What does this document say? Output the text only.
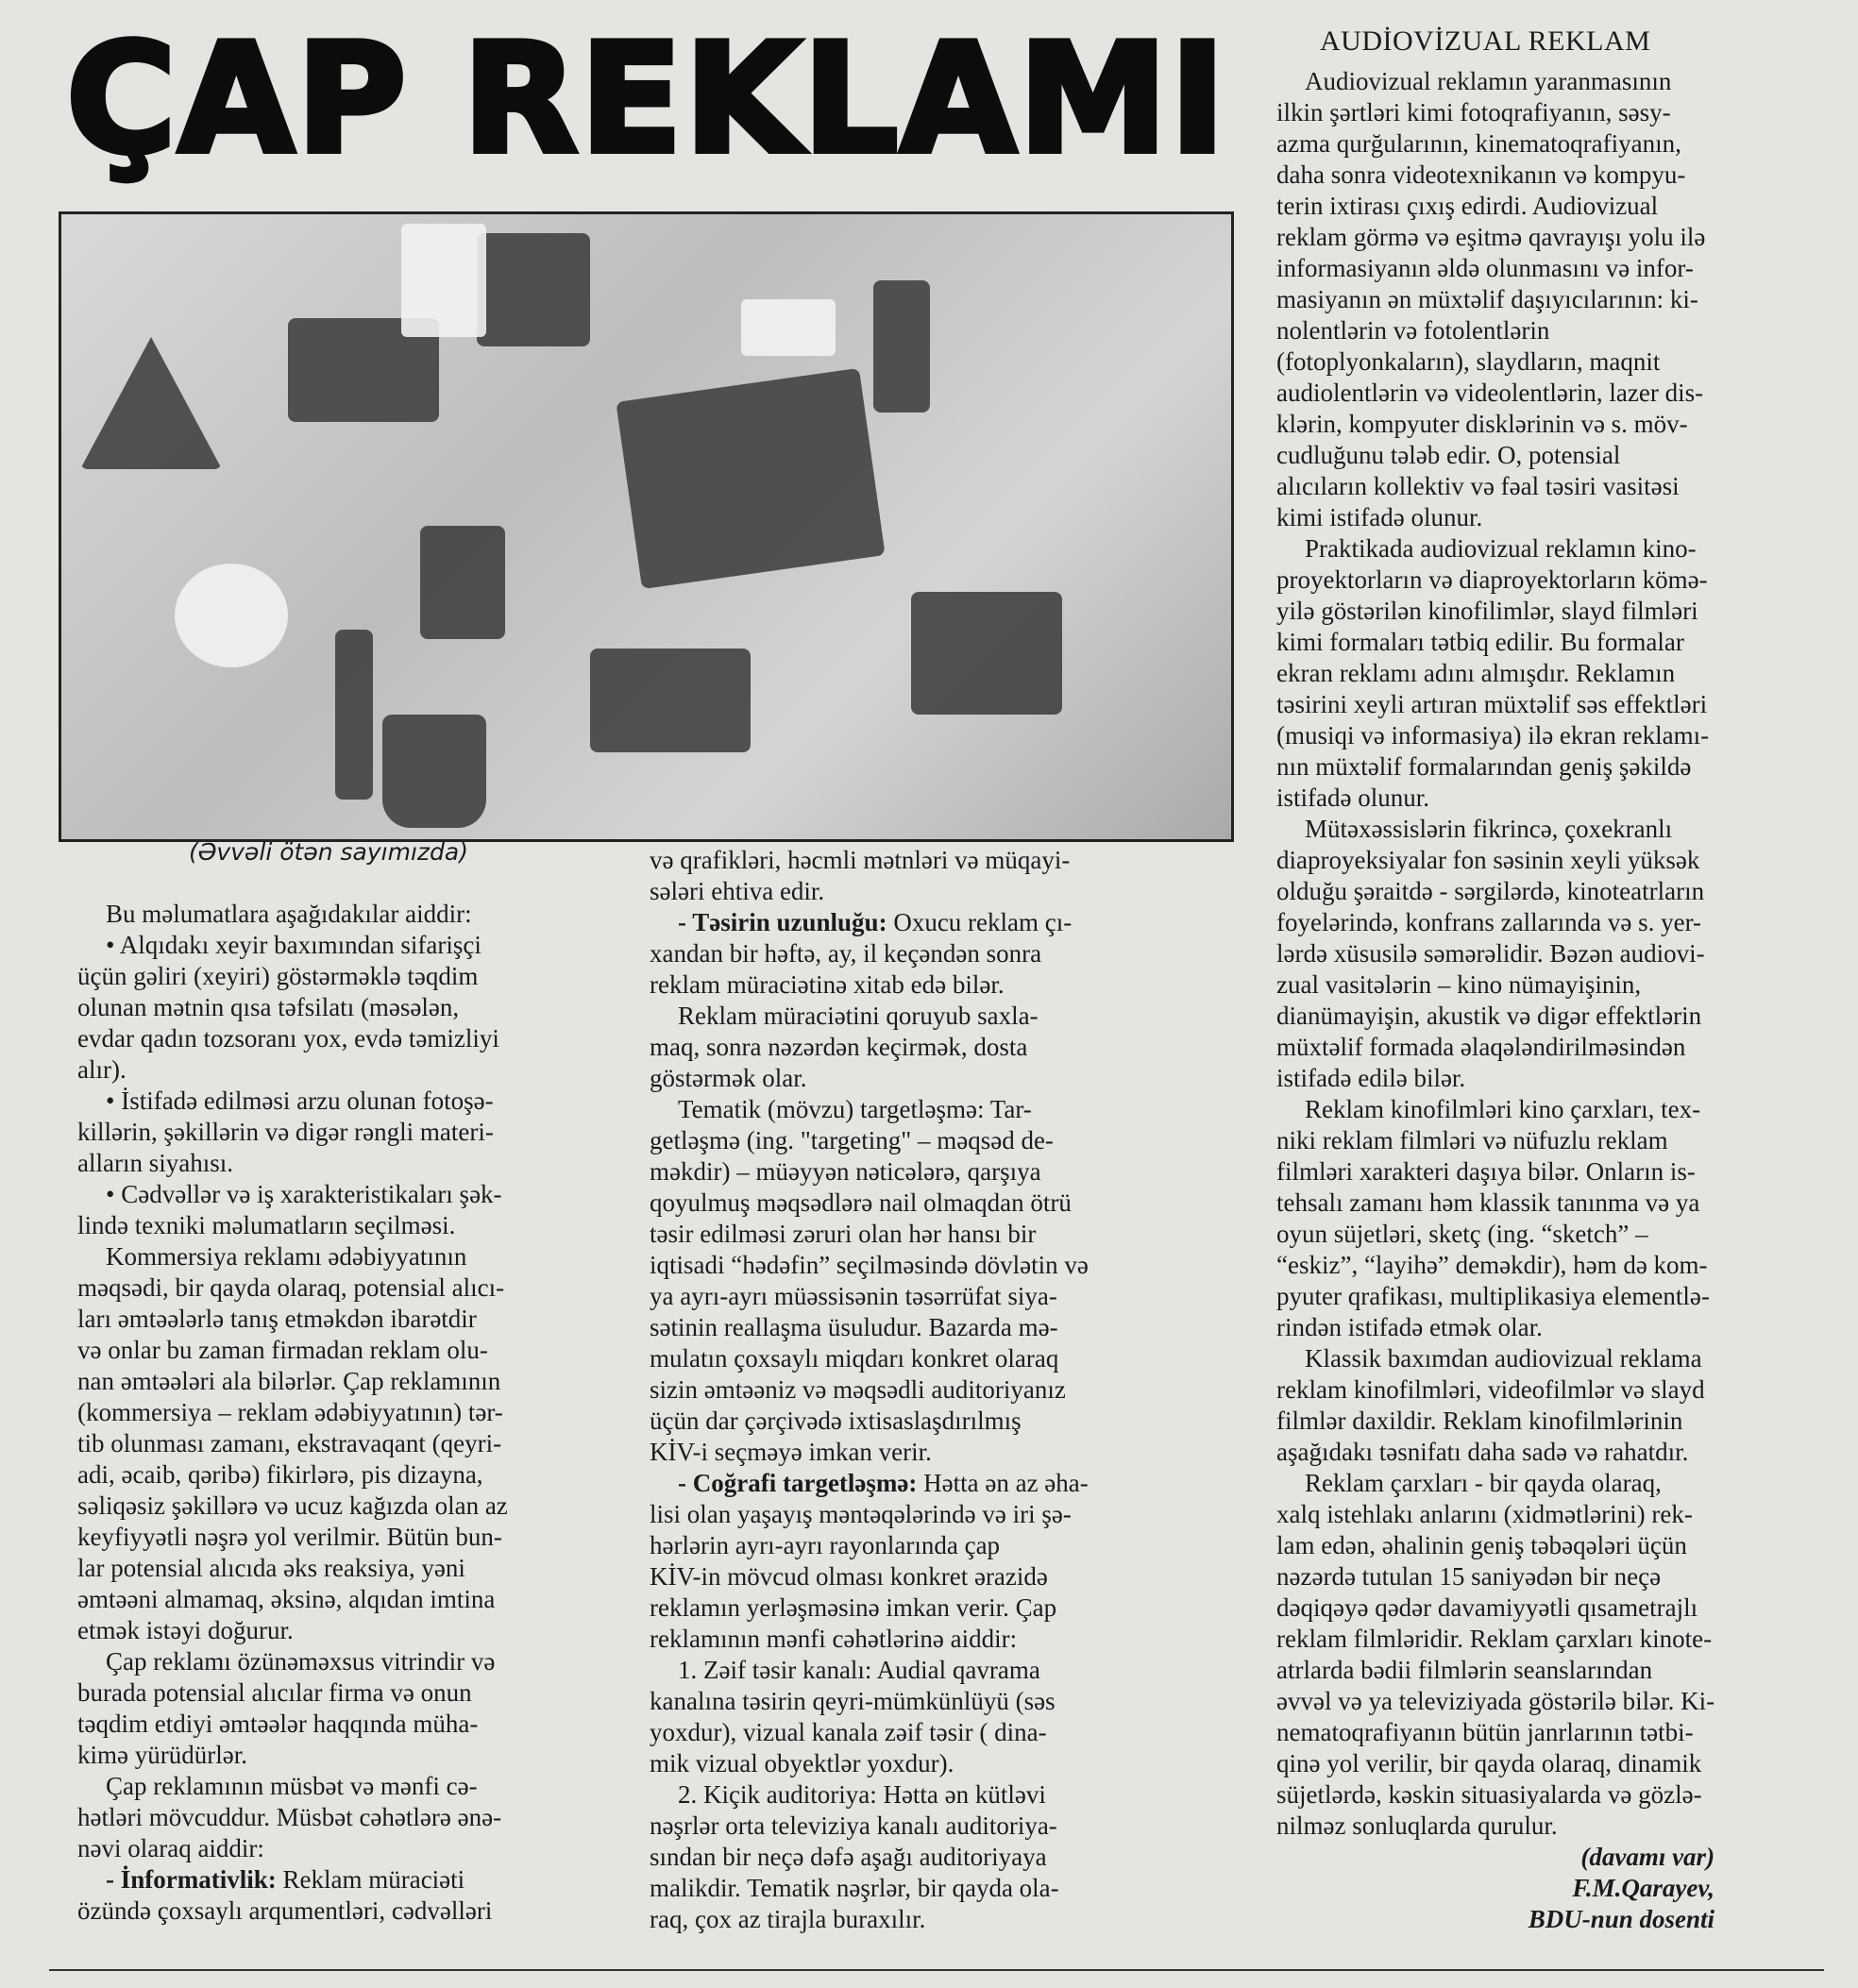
ÇAP REKLAMI
(Əvvəli ötən sayımızda)
Bu məlumatlara aşağıdakılar aiddir:
• Alqıdakı xeyir baxımından sifarişçi
üçün gəliri (xeyiri) göstərməklə təqdim
olunan mətnin qısa təfsilatı (məsələn,
evdar qadın tozsoranı yox, evdə təmizliyi
alır).
• İstifadə edilməsi arzu olunan fotoşə-
killərin, şəkillərin və digər rəngli materi-
alların siyahısı.
• Cədvəllər və iş xarakteristikaları şək-
lində texniki məlumatların seçilməsi.
Kommersiya reklamı ədəbiyyatının
məqsədi, bir qayda olaraq, potensial alıcı-
ları əmtəələrlə tanış etməkdən ibarətdir
və onlar bu zaman firmadan reklam olu-
nan əmtəələri ala bilərlər. Çap reklamının
(kommersiya – reklam ədəbiyyatının) tər-
tib olunması zamanı, ekstravaqant (qeyri-
adi, əcaib, qəribə) fikirlərə, pis dizayna,
səliqəsiz şəkillərə və ucuz kağızda olan az
keyfiyyətli nəşrə yol verilmir. Bütün bun-
lar potensial alıcıda əks reaksiya, yəni
əmtəəni almamaq, əksinə, alqıdan imtina
etmək istəyi doğurur.
Çap reklamı özünəməxsus vitrindir və
burada potensial alıcılar firma və onun
təqdim etdiyi əmtəələr haqqında müha-
kimə yürüdürlər.
Çap reklamının müsbət və mənfi cə-
hətləri mövcuddur. Müsbət cəhətlərə ənə-
nəvi olaraq aiddir:
- İnformativlik: Reklam müraciəti
özündə çoxsaylı arqumentləri, cədvəlləri
və qrafikləri, həcmli mətnləri və müqayi-
sələri ehtiva edir.
- Təsirin uzunluğu: Oxucu reklam çı-
xandan bir həftə, ay, il keçəndən sonra
reklam müraciətinə xitab edə bilər.
Reklam müraciətini qoruyub saxla-
maq, sonra nəzərdən keçirmək, dosta
göstərmək olar.
Tematik (mövzu) targetləşmə: Tar-
getləşmə (ing. "targeting" – məqsəd de-
məkdir) – müəyyən nəticələrə, qarşıya
qoyulmuş məqsədlərə nail olmaqdan ötrü
təsir edilməsi zəruri olan hər hansı bir
iqtisadi “hədəfin” seçilməsində dövlətin və
ya ayrı-ayrı müəssisənin təsərrüfat siya-
sətinin reallaşma üsuludur. Bazarda mə-
mulatın çoxsaylı miqdarı konkret olaraq
sizin əmtəəniz və məqsədli auditoriyanız
üçün dar çərçivədə ixtisaslaşdırılmış
KİV-i seçməyə imkan verir.
- Coğrafi targetləşmə: Hətta ən az əha-
lisi olan yaşayış məntəqələrində və iri şə-
hərlərin ayrı-ayrı rayonlarında çap
KİV-in mövcud olması konkret ərazidə
reklamın yerləşməsinə imkan verir. Çap
reklamının mənfi cəhətlərinə aiddir:
1. Zəif təsir kanalı: Audial qavrama
kanalına təsirin qeyri-mümkünlüyü (səs
yoxdur), vizual kanala zəif təsir ( dina-
mik vizual obyektlər yoxdur).
2. Kiçik auditoriya: Hətta ən kütləvi
nəşrlər orta televiziya kanalı auditoriya-
sından bir neçə dəfə aşağı auditoriyaya
malikdir. Tematik nəşrlər, bir qayda ola-
raq, çox az tirajla buraxılır.
AUDİOVİZUAL REKLAM
Audiovizual reklamın yaranmasının
ilkin şərtləri kimi fotoqrafiyanın, səsy-
azma qurğularının, kinematoqrafiyanın,
daha sonra videotexnikanın və kompyu-
terin ixtirası çıxış edirdi. Audiovizual
reklam görmə və eşitmə qavrayışı yolu ilə
informasiyanın əldə olunmasını və infor-
masiyanın ən müxtəlif daşıyıcılarının: ki-
nolentlərin və fotolentlərin
(fotoplyonkaların), slaydların, maqnit
audiolentlərin və videolentlərin, lazer dis-
klərin, kompyuter disklərinin və s. möv-
cudluğunu tələb edir. O, potensial
alıcıların kollektiv və fəal təsiri vasitəsi
kimi istifadə olunur.
Praktikada audiovizual reklamın kino-
proyektorların və diaproyektorların kömə-
yilə göstərilən kinofilimlər, slayd filmləri
kimi formaları tətbiq edilir. Bu formalar
ekran reklamı adını almışdır. Reklamın
təsirini xeyli artıran müxtəlif səs effektləri
(musiqi və informasiya) ilə ekran reklamı-
nın müxtəlif formalarından geniş şəkildə
istifadə olunur.
Mütəxəssislərin fikrincə, çoxekranlı
diaproyeksiyalar fon səsinin xeyli yüksək
olduğu şəraitdə - sərgilərdə, kinoteatrların
foyelərində, konfrans zallarında və s. yer-
lərdə xüsusilə səmərəlidir. Bəzən audiovi-
zual vasitələrin – kino nümayişinin,
dianümayişin, akustik və digər effektlərin
müxtəlif formada əlaqələndirilməsindən
istifadə edilə bilər.
Reklam kinofilmləri kino çarxları, tex-
niki reklam filmləri və nüfuzlu reklam
filmləri xarakteri daşıya bilər. Onların is-
tehsalı zamanı həm klassik tanınma və ya
oyun süjetləri, sketç (ing. “sketch” –
“eskiz”, “layihə” deməkdir), həm də kom-
pyuter qrafikası, multiplikasiya elementlə-
rindən istifadə etmək olar.
Klassik baxımdan audiovizual reklama
reklam kinofilmləri, videofilmlər və slayd
filmlər daxildir. Reklam kinofilmlərinin
aşağıdakı təsnifatı daha sadə və rahatdır.
Reklam çarxları - bir qayda olaraq,
xalq istehlakı anlarını (xidmətlərini) rek-
lam edən, əhalinin geniş təbəqələri üçün
nəzərdə tutulan 15 saniyədən bir neçə
dəqiqəyə qədər davamiyyətli qısametrajlı
reklam filmləridir. Reklam çarxları kinote-
atrlarda bədii filmlərin seanslarından
əvvəl və ya televiziyada göstərilə bilər. Ki-
nematoqrafiyanın bütün janrlarının tətbi-
qinə yol verilir, bir qayda olaraq, dinamik
süjetlərdə, kəskin situasiyalarda və gözlə-
nilməz sonluqlarda qurulur.
(davamı var)
F.M.Qarayev,
BDU-nun dosenti
